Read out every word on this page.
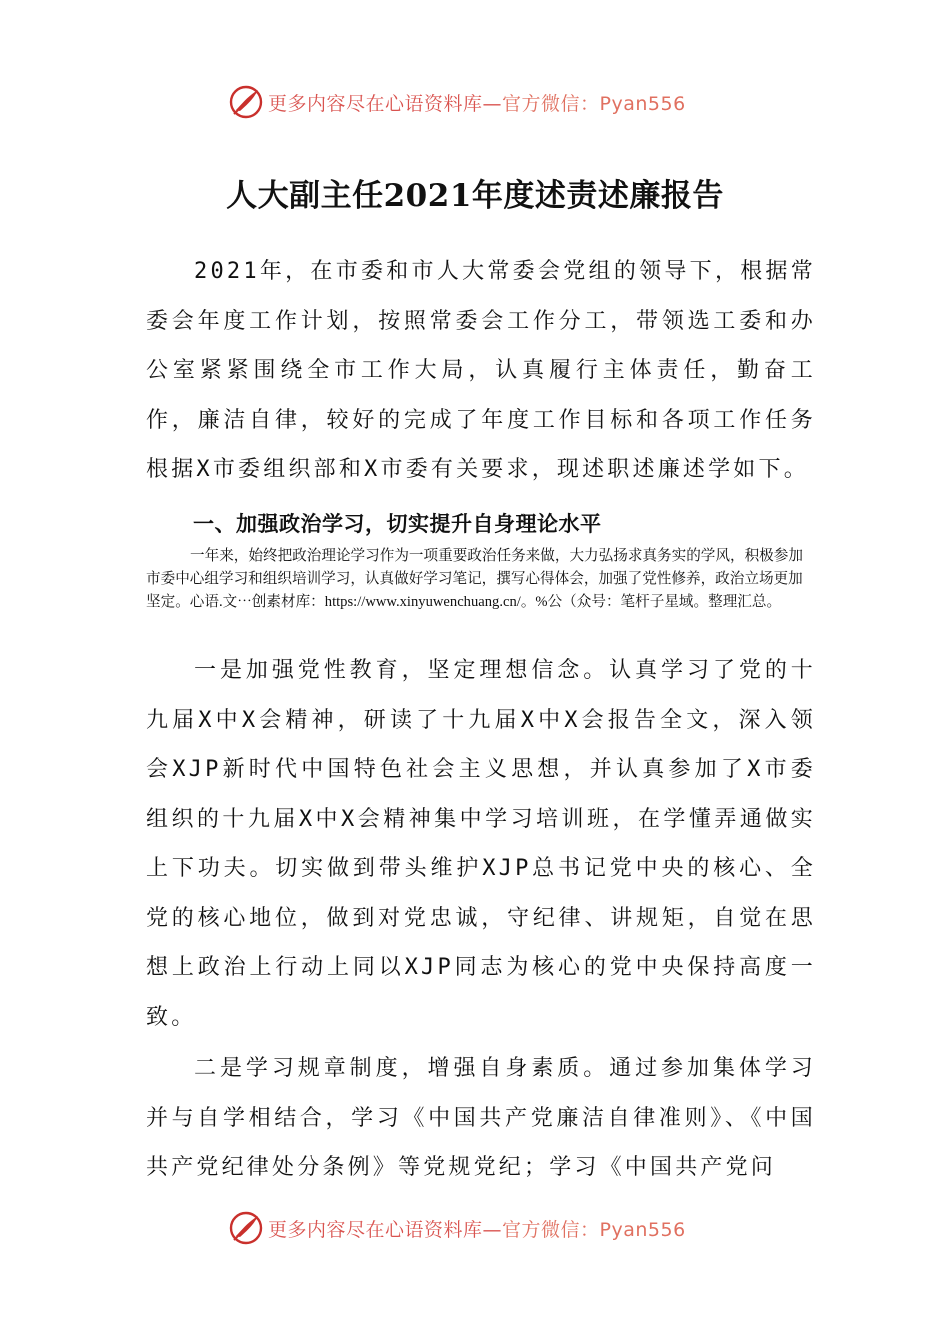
更多内容尽在心语资料库—官方微信：Pyan556
人大副主任2021年度述责述廉报告

2021年，在市委和市人大常委会党组的领导下，根据常委会年度工作计划，按照常委会工作分工，带领选工委和办公室紧紧围绕全市工作大局，认真履行主体责任，勤奋工作，廉洁自律，较好的完成了年度工作目标和各项工作任务根据X市委组织部和X市委有关要求，现述职述廉述学如下。

一、加强政治学习，切实提升自身理论水平

一年来，始终把政治理论学习作为一项重要政治任务来做，大力弘扬求真务实的学风，积极参加市委中心组学习和组织培训学习，认真做好学习笔记，撰写心得体会，加强了党性修养，政治立场更加坚定。心语.文⋯创素材库：https://www.xinyuwenchuang.cn/。%公（众号：笔杆子星域。整理汇总。

一是加强党性教育，坚定理想信念。认真学习了党的十九届X中X会精神，研读了十九届X中X会报告全文，深入领会XJP新时代中国特色社会主义思想，并认真参加了X市委组织的十九届X中X会精神集中学习培训班，在学懂弄通做实上下功夫。切实做到带头维护XJP总书记党中央的核心、全党的核心地位，做到对党忠诚，守纪律、讲规矩，自觉在思想上政治上行动上同以XJP同志为核心的党中央保持高度一致。

二是学习规章制度，增强自身素质。通过参加集体学习并与自学相结合，学习《中国共产党廉洁自律准则》、《中国共产党纪律处分条例》等党规党纪；学习《中国共产党问

更多内容尽在心语资料库—官方微信：Pyan556
